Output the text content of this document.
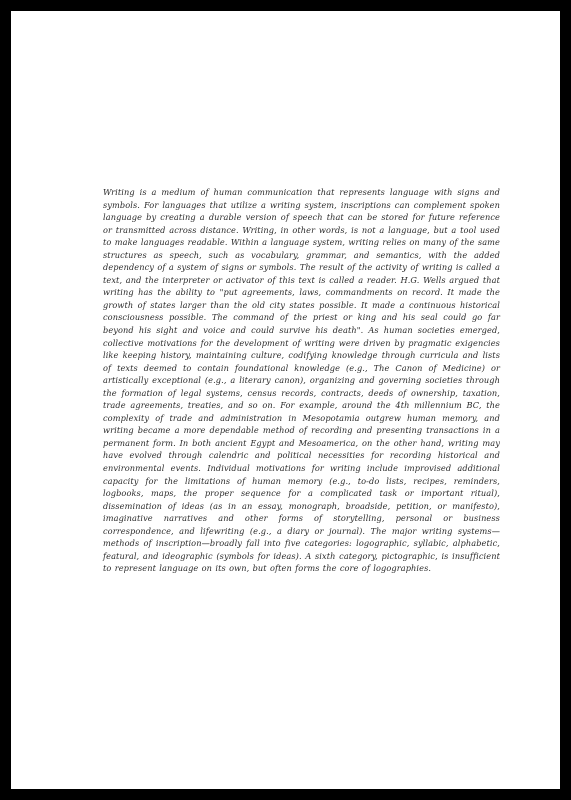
Writing is a medium of human communication that represents language with signs and symbols. For languages that utilize a writing system, inscriptions can complement spoken language by creating a durable version of speech that can be stored for future reference or transmitted across distance. Writing, in other words, is not a language, but a tool used to make languages readable. Within a language system, writing relies on many of the same structures as speech, such as vocabulary, grammar, and semantics, with the added dependency of a system of signs or symbols. The result of the activity of writing is called a text, and the interpreter or activator of this text is called a reader. H.G. Wells argued that writing has the ability to "put agreements, laws, commandments on record. It made the growth of states larger than the old city states possible. It made a continuous historical consciousness possible. The command of the priest or king and his seal could go far beyond his sight and voice and could survive his death". As human societies emerged, collective motivations for the development of writing were driven by pragmatic exigencies like keeping history, maintaining culture, codifying knowledge through curricula and lists of texts deemed to contain foundational knowledge (e.g., The Canon of Medicine) or artistically exceptional (e.g., a literary canon), organizing and governing societies through the formation of legal systems, census records, contracts, deeds of ownership, taxation, trade agreements, treaties, and so on. For example, around the 4th millennium BC, the complexity of trade and administration in Mesopotamia outgrew human memory, and writing became a more dependable method of recording and presenting transactions in a permanent form. In both ancient Egypt and Mesoamerica, on the other hand, writing may have evolved through calendric and political necessities for recording historical and environmental events. Individual motivations for writing include improvised additional capacity for the limitations of human memory (e.g., to-do lists, recipes, reminders, logbooks, maps, the proper sequence for a complicated task or important ritual), dissemination of ideas (as in an essay, monograph, broadside, petition, or manifesto), imaginative narratives and other forms of storytelling, personal or business correspondence, and lifewriting (e.g., a diary or journal). The major writing systems—methods of inscription—broadly fall into five categories: logographic, syllabic, alphabetic, featural, and ideographic (symbols for ideas). A sixth category, pictographic, is insufficient to represent language on its own, but often forms the core of logographies.
